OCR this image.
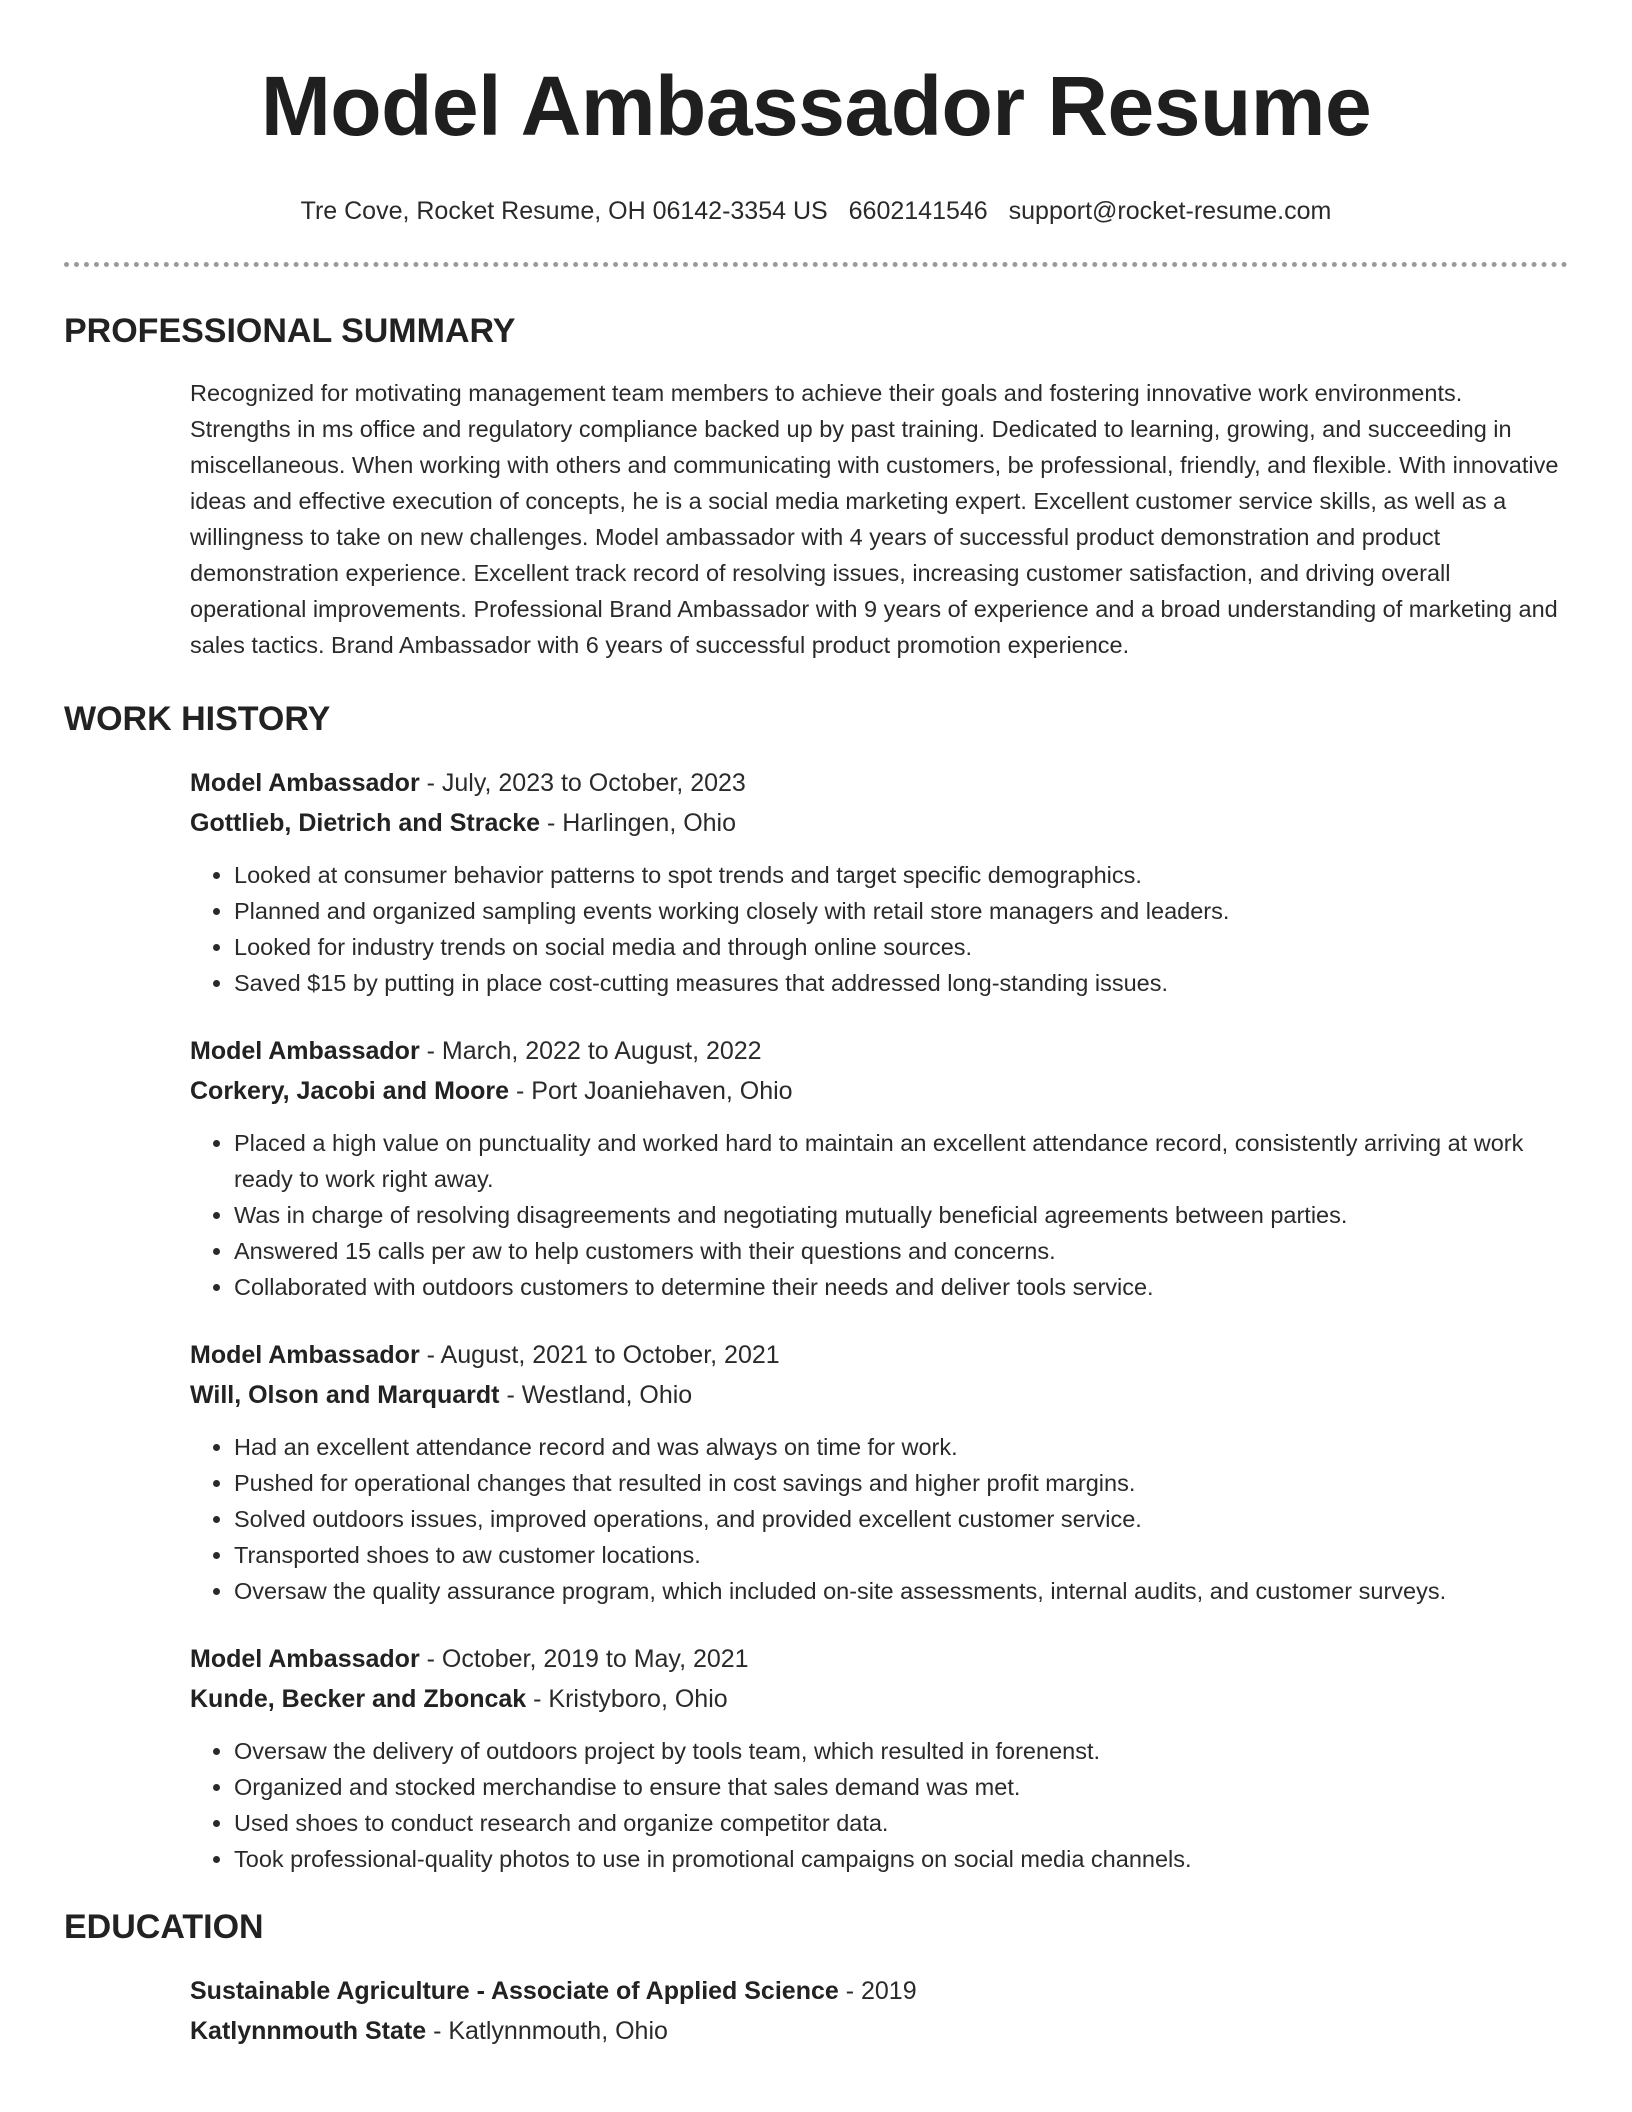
Model Ambassador Resume
Tre Cove, Rocket Resume, OH 06142-3354 US 6602141546 support@rocket-resume.com
PROFESSIONAL SUMMARY
Recognized for motivating management team members to achieve their goals and fostering innovative work environments. Strengths in ms office and regulatory compliance backed up by past training. Dedicated to learning, growing, and succeeding in miscellaneous. When working with others and communicating with customers, be professional, friendly, and flexible. With innovative ideas and effective execution of concepts, he is a social media marketing expert. Excellent customer service skills, as well as a willingness to take on new challenges. Model ambassador with 4 years of successful product demonstration and product demonstration experience. Excellent track record of resolving issues, increasing customer satisfaction, and driving overall operational improvements. Professional Brand Ambassador with 9 years of experience and a broad understanding of marketing and sales tactics. Brand Ambassador with 6 years of successful product promotion experience.
WORK HISTORY
Model Ambassador - July, 2023 to October, 2023
Gottlieb, Dietrich and Stracke - Harlingen, Ohio
• Looked at consumer behavior patterns to spot trends and target specific demographics.
• Planned and organized sampling events working closely with retail store managers and leaders.
• Looked for industry trends on social media and through online sources.
• Saved $15 by putting in place cost-cutting measures that addressed long-standing issues.
Model Ambassador - March, 2022 to August, 2022
Corkery, Jacobi and Moore - Port Joaniehaven, Ohio
• Placed a high value on punctuality and worked hard to maintain an excellent attendance record, consistently arriving at work ready to work right away.
• Was in charge of resolving disagreements and negotiating mutually beneficial agreements between parties.
• Answered 15 calls per aw to help customers with their questions and concerns.
• Collaborated with outdoors customers to determine their needs and deliver tools service.
Model Ambassador - August, 2021 to October, 2021
Will, Olson and Marquardt - Westland, Ohio
• Had an excellent attendance record and was always on time for work.
• Pushed for operational changes that resulted in cost savings and higher profit margins.
• Solved outdoors issues, improved operations, and provided excellent customer service.
• Transported shoes to aw customer locations.
• Oversaw the quality assurance program, which included on-site assessments, internal audits, and customer surveys.
Model Ambassador - October, 2019 to May, 2021
Kunde, Becker and Zboncak - Kristyboro, Ohio
• Oversaw the delivery of outdoors project by tools team, which resulted in forenenst.
• Organized and stocked merchandise to ensure that sales demand was met.
• Used shoes to conduct research and organize competitor data.
• Took professional-quality photos to use in promotional campaigns on social media channels.
EDUCATION
Sustainable Agriculture - Associate of Applied Science - 2019
Katlynnmouth State - Katlynnmouth, Ohio
